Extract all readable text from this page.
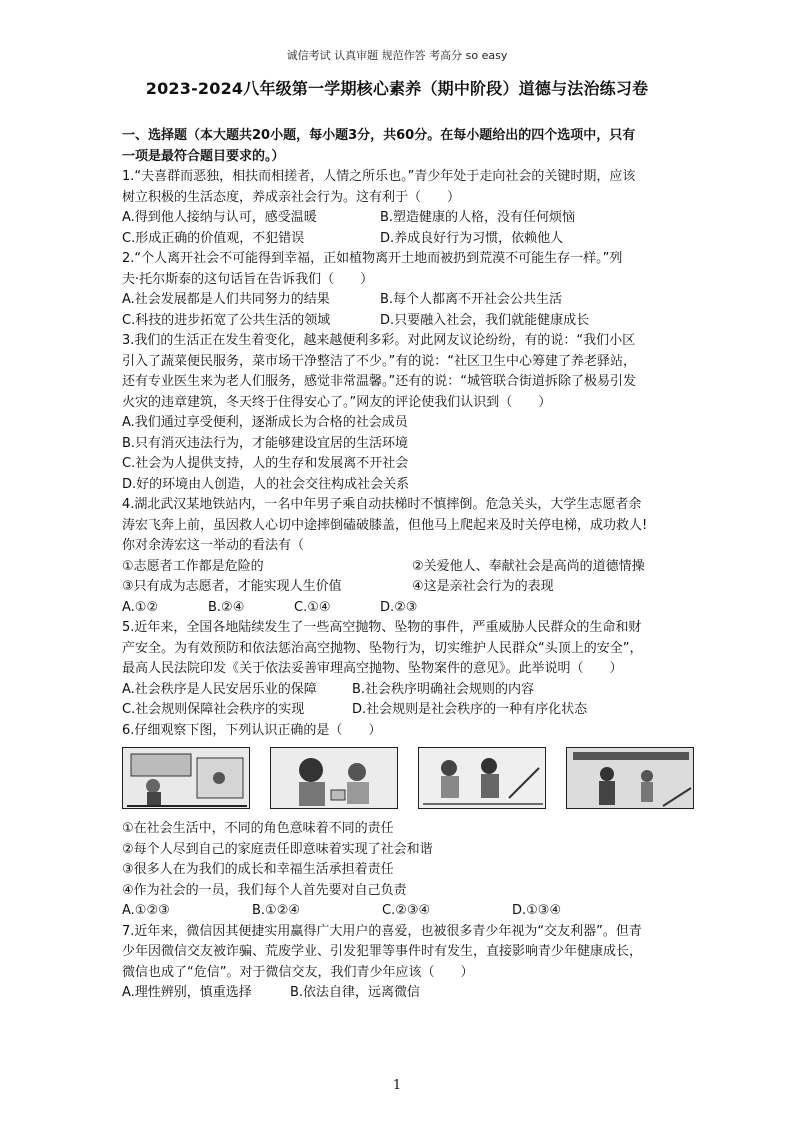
诚信考试 认真审题 规范作答 考高分 so easy
2023-2024八年级第一学期核心素养（期中阶段）道德与法治练习卷
一、选择题（本大题共20小题，每小题3分，共60分。在每小题给出的四个选项中，只有
一项是最符合题目要求的。）
1.“夫喜群而恶独，相扶而相搓者，人情之所乐也。”青少年处于走向社会的关键时期，应该
树立积极的生活态度，养成亲社会行为。这有利于（　　）
A.得到他人接纳与认可，感受温暖	B.塑造健康的人格，没有任何烦恼
C.形成正确的价值观，不犯错误	D.养成良好行为习惯，依赖他人
2.“个人离开社会不可能得到幸福，正如植物离开土地而被扔到荒漠不可能生存一样。”列
夫·托尔斯泰的这句话旨在告诉我们（　　）
A.社会发展都是人们共同努力的结果	B.每个人都离不开社会公共生活
C.科技的进步拓宽了公共生活的领域	D.只要融入社会，我们就能健康成长
3.我们的生活正在发生着变化，越来越便利多彩。对此网友议论纷纷，有的说：“我们小区
引入了蔬菜便民服务，菜市场干净整洁了不少。”有的说：“社区卫生中心筹建了养老驿站，
还有专业医生来为老人们服务，感觉非常温馨。”还有的说：“城管联合街道拆除了极易引发
火灾的违章建筑，冬天终于住得安心了。”网友的评论使我们认识到（　　）
A.我们通过享受便利，逐渐成长为合格的社会成员
B.只有消灭违法行为，才能够建设宜居的生活环境
C.社会为人提供支持，人的生存和发展离不开社会
D.好的环境由人创造，人的社会交往构成社会关系
4.湖北武汉某地铁站内，一名中年男子乘自动扶梯时不慎摔倒。危急关头，大学生志愿者余
涛宏飞奔上前，虽因救人心切中途摔倒磕破膝盖，但他马上爬起来及时关停电梯，成功救人!
你对余涛宏这一举动的看法有（
①志愿者工作都是危险的	②关爱他人、奉献社会是高尚的道德情操
③只有成为志愿者，才能实现人生价值	④这是亲社会行为的表现
A.①②	B.②④	C.①④	D.②③
5.近年来，全国各地陆续发生了一些高空抛物、坠物的事件，严重威胁人民群众的生命和财
产安全。为有效预防和依法惩治高空抛物、坠物行为，切实维护人民群众“头顶上的安全”，
最高人民法院印发《关于依法妥善审理高空抛物、坠物案件的意见》。此举说明（　　）
A.社会秩序是人民安居乐业的保障	B.社会秩序明确社会规则的内容
C.社会规则保障社会秩序的实现	D.社会规则是社会秩序的一种有序化状态
6.仔细观察下图，下列认识正确的是（　　）
①在社会生活中，不同的角色意味着不同的责任
②每个人尽到自己的家庭责任即意味着实现了社会和谐
③很多人在为我们的成长和幸福生活承担着责任
④作为社会的一员，我们每个人首先要对自己负责
A.①②③	B.①②④	C.②③④	D.①③④
7.近年来，微信因其便捷实用赢得广大用户的喜爱，也被很多青少年视为“交友利器”。但青
少年因微信交友被诈骗、荒废学业、引发犯罪等事件时有发生，直接影响青少年健康成长，
微信也成了“危信”。对于微信交友，我们青少年应该（　　）
A.理性辨别，慎重选择	B.依法自律，远离微信
1
